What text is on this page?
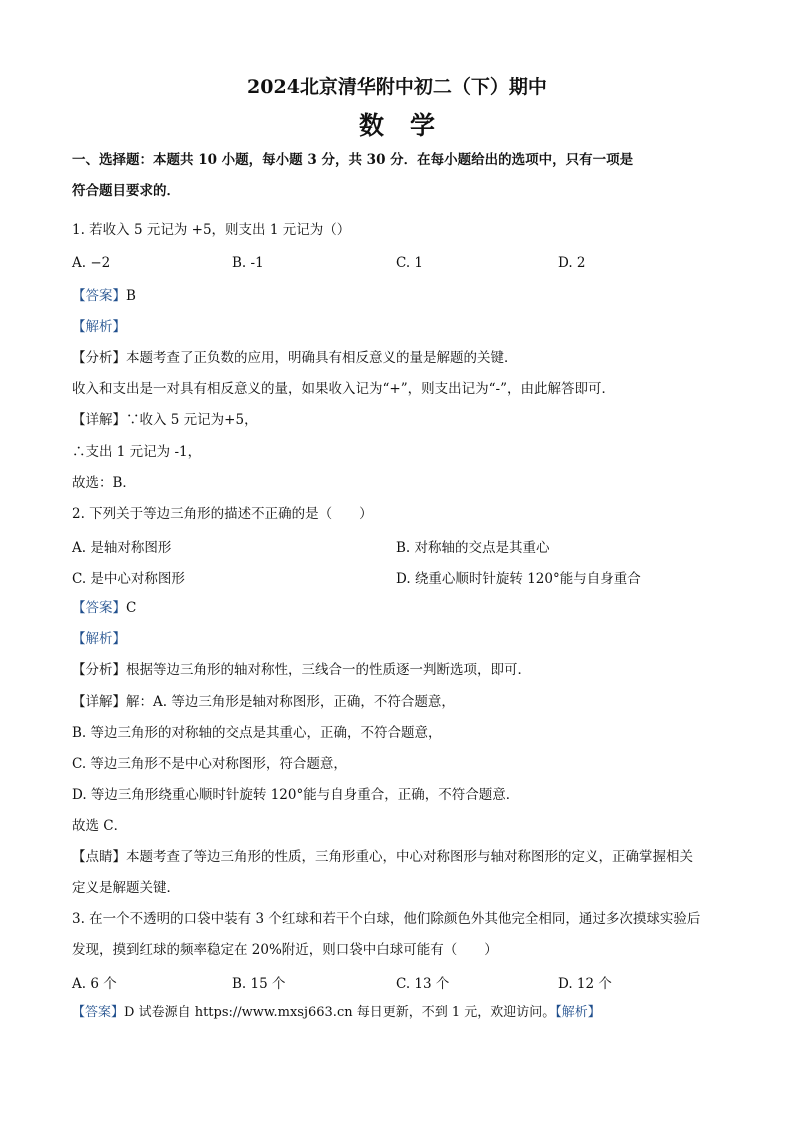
2024北京清华附中初二（下）期中
数学
一、选择题：本题共 10 小题，每小题 3 分，共 30 分．在每小题给出的选项中，只有一项是
符合题目要求的．
1. 若收入 5 元记为 +5，则支出 1 元记为（）
A. −2	B. -1	C. 1	D. 2
【答案】B
【解析】
【分析】本题考查了正负数的应用，明确具有相反意义的量是解题的关键．
收入和支出是一对具有相反意义的量，如果收入记为“+”，则支出记为“-”，由此解答即可．
【详解】∵收入 5 元记为+5，
∴支出 1 元记为 -1，
故选：B．
2. 下列关于等边三角形的描述不正确的是（　　）
A. 是轴对称图形	B. 对称轴的交点是其重心
C. 是中心对称图形	D. 绕重心顺时针旋转 120°能与自身重合
【答案】C
【解析】
【分析】根据等边三角形的轴对称性，三线合一的性质逐一判断选项，即可．
【详解】解：A. 等边三角形是轴对称图形，正确，不符合题意，
B. 等边三角形的对称轴的交点是其重心，正确，不符合题意，
C. 等边三角形不是中心对称图形，符合题意，
D. 等边三角形绕重心顺时针旋转 120°能与自身重合，正确，不符合题意．
故选 C．
【点睛】本题考查了等边三角形的性质，三角形重心，中心对称图形与轴对称图形的定义，正确掌握相关
定义是解题关键．
3. 在一个不透明的口袋中装有 3 个红球和若干个白球，他们除颜色外其他完全相同，通过多次摸球实验后
发现，摸到红球的频率稳定在 20%附近，则口袋中白球可能有（　　）
A. 6 个	B. 15 个	C. 13 个	D. 12 个
【答案】D 试卷源自 https://www.mxsj663.cn 每日更新，不到 1 元，欢迎访问。【解析】
